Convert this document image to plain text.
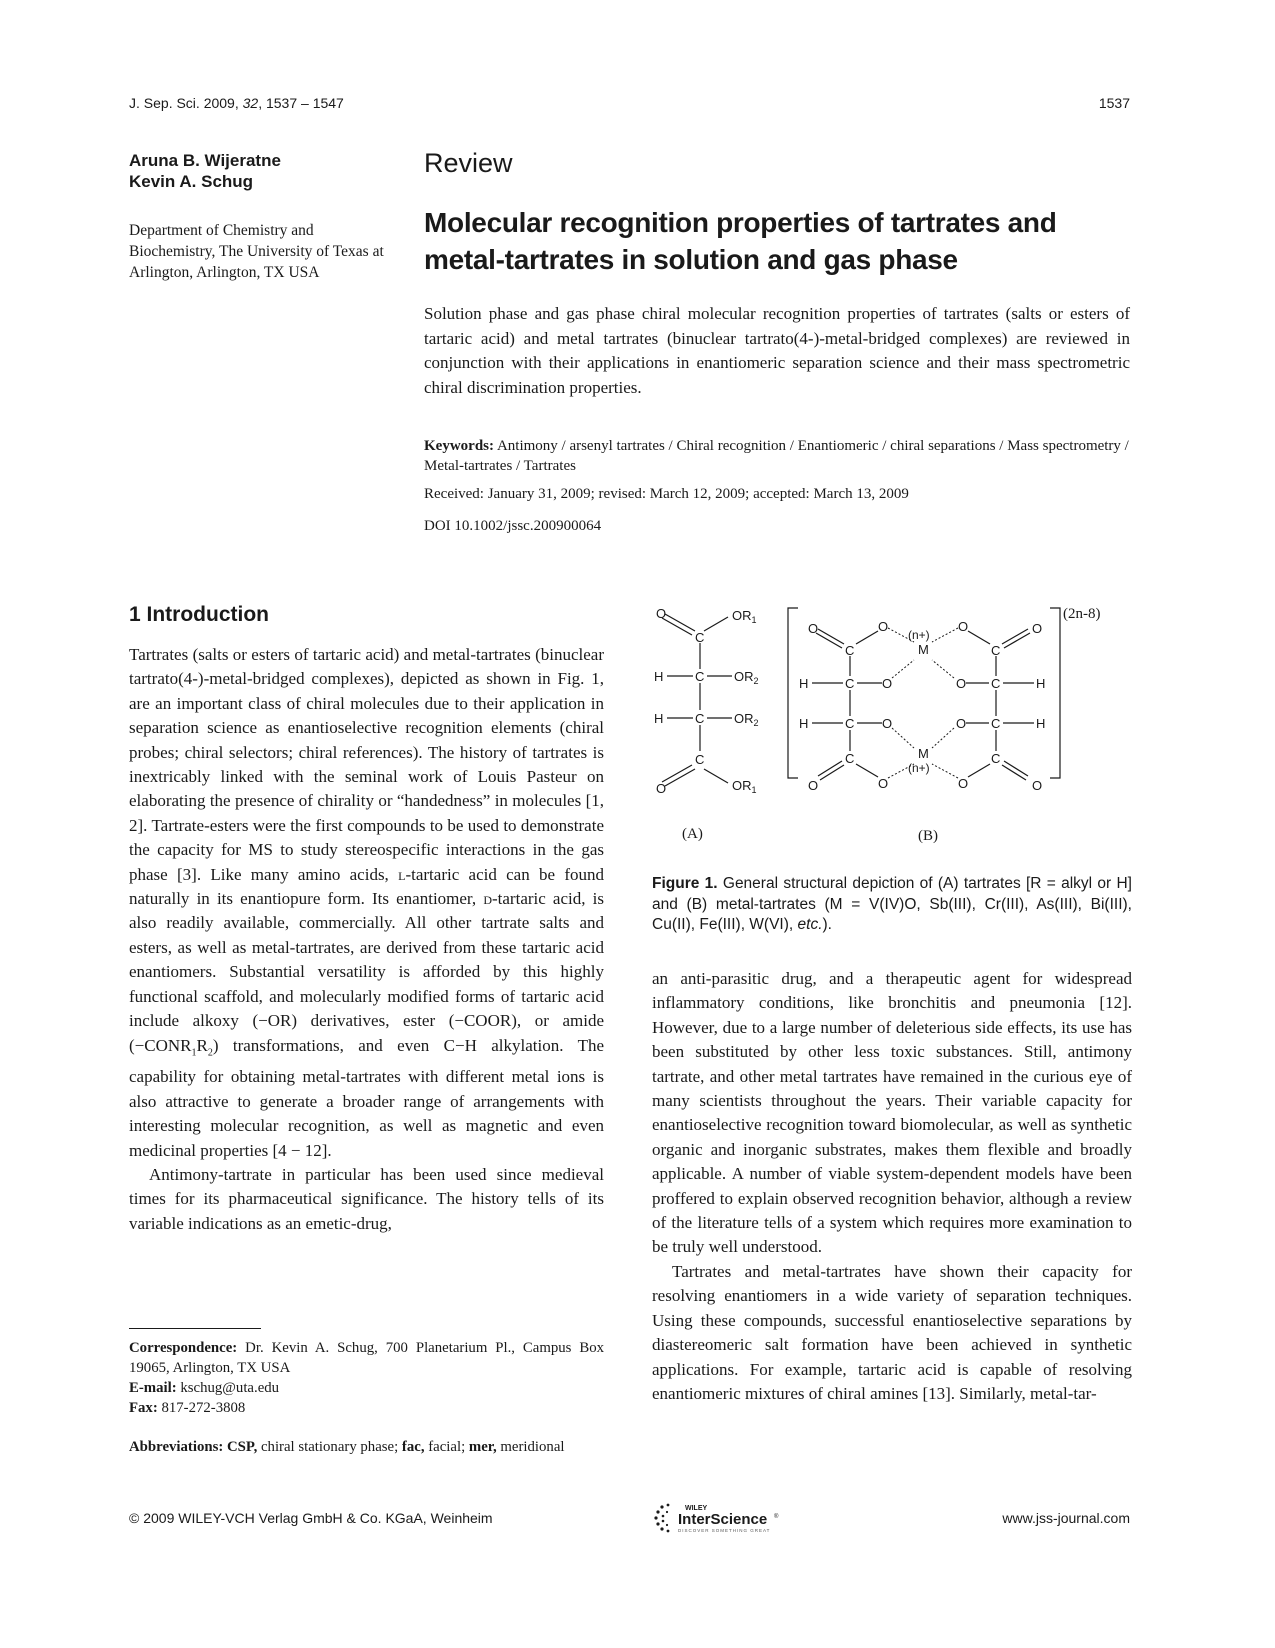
J. Sep. Sci. 2009, 32, 1537 – 1547	1537
Aruna B. Wijeratne
Kevin A. Schug
Department of Chemistry and Biochemistry, The University of Texas at Arlington, Arlington, TX USA
Review
Molecular recognition properties of tartrates and metal-tartrates in solution and gas phase
Solution phase and gas phase chiral molecular recognition properties of tartrates (salts or esters of tartaric acid) and metal tartrates (binuclear tartrato(4-)-metal-bridged complexes) are reviewed in conjunction with their applications in enantiomeric separation science and their mass spectrometric chiral discrimination properties.
Keywords: Antimony / arsenyl tartrates / Chiral recognition / Enantiomeric / chiral separations / Mass spectrometry / Metal-tartrates / Tartrates
Received: January 31, 2009; revised: March 12, 2009; accepted: March 13, 2009
DOI 10.1002/jssc.200900064
1 Introduction

Tartrates (salts or esters of tartaric acid) and metal-tartrates (binuclear tartrato(4-)-metal-bridged complexes), depicted as shown in Fig. 1, are an important class of chiral molecules due to their application in separation science as enantioselective recognition elements (chiral probes; chiral selectors; chiral references). The history of tartrates is inextricably linked with the seminal work of Louis Pasteur on elaborating the presence of chirality or “handedness” in molecules [1, 2]. Tartrate-esters were the first compounds to be used to demonstrate the capacity for MS to study stereospecific interactions in the gas phase [3]. Like many amino acids, l-tartaric acid can be found naturally in its enantiopure form. Its enantiomer, d-tartaric acid, is also readily available, commercially. All other tartrate salts and esters, as well as metal-tartrates, are derived from these tartaric acid enantiomers. Substantial versatility is afforded by this highly functional scaffold, and molecularly modified forms of tartaric acid include alkoxy (−OR) derivatives, ester (−COOR), or amide $(-CONR_1R_2)$ transformations, and even C−H alkylation. The capability for obtaining metal-tartrates with different metal ions is also attractive to generate a broader range of arrangements with interesting molecular recognition, as well as magnetic and even medicinal properties [4 − 12].

Antimony-tartrate in particular has been used since medieval times for its pharmaceutical significance. The history tells of its variable indications as an emetic-drug,

Correspondence: Dr. Kevin A. Schug, 700 Planetarium Pl., Campus Box 19065, Arlington, TX USA
E-mail: kschug@uta.edu
Fax: 817-272-3808
Abbreviations: CSP, chiral stationary phase; fac, facial; mer, meridional
O
C
$OR_1$
H C $OR_2$
H C $OR_2$
C
O	$OR_1$
O
C
O
H	C O
H	C O
C
O	O
(n+)
M
M
(n+)
O
C
O
H
C
O
H
C
O
C
O
O
(2n-8)
(A)	(B)
Figure 1. General structural depiction of (A) tartrates [R = alkyl or H] and (B) metal-tartrates (M = V(IV)O, Sb(III), Cr(III), As(III), Bi(III), Cu(II), Fe(III), W(VI), etc.).

an anti-parasitic drug, and a therapeutic agent for widespread inflammatory conditions, like bronchitis and pneumonia [12]. However, due to a large number of deleterious side effects, its use has been substituted by other less toxic substances. Still, antimony tartrate, and other metal tartrates have remained in the curious eye of many scientists throughout the years. Their variable capacity for enantioselective recognition toward biomolecular, as well as synthetic organic and inorganic substrates, makes them flexible and broadly applicable. A number of viable system-dependent models have been proffered to explain observed recognition behavior, although a review of the literature tells of a system which requires more examination to be truly well understood.

Tartrates and metal-tartrates have shown their capacity for resolving enantiomers in a wide variety of separation techniques. Using these compounds, successful enantioselective separations by diastereomeric salt formation have been achieved in synthetic applications. For example, tartaric acid is capable of resolving enantiomeric mixtures of chiral amines [13]. Similarly, metal-tar-

© 2009 WILEY-VCH Verlag GmbH & Co. KGaA, Weinheim
WILEY
InterScience ®
DISCOVER SOMETHING GREAT
www.jss-journal.com
